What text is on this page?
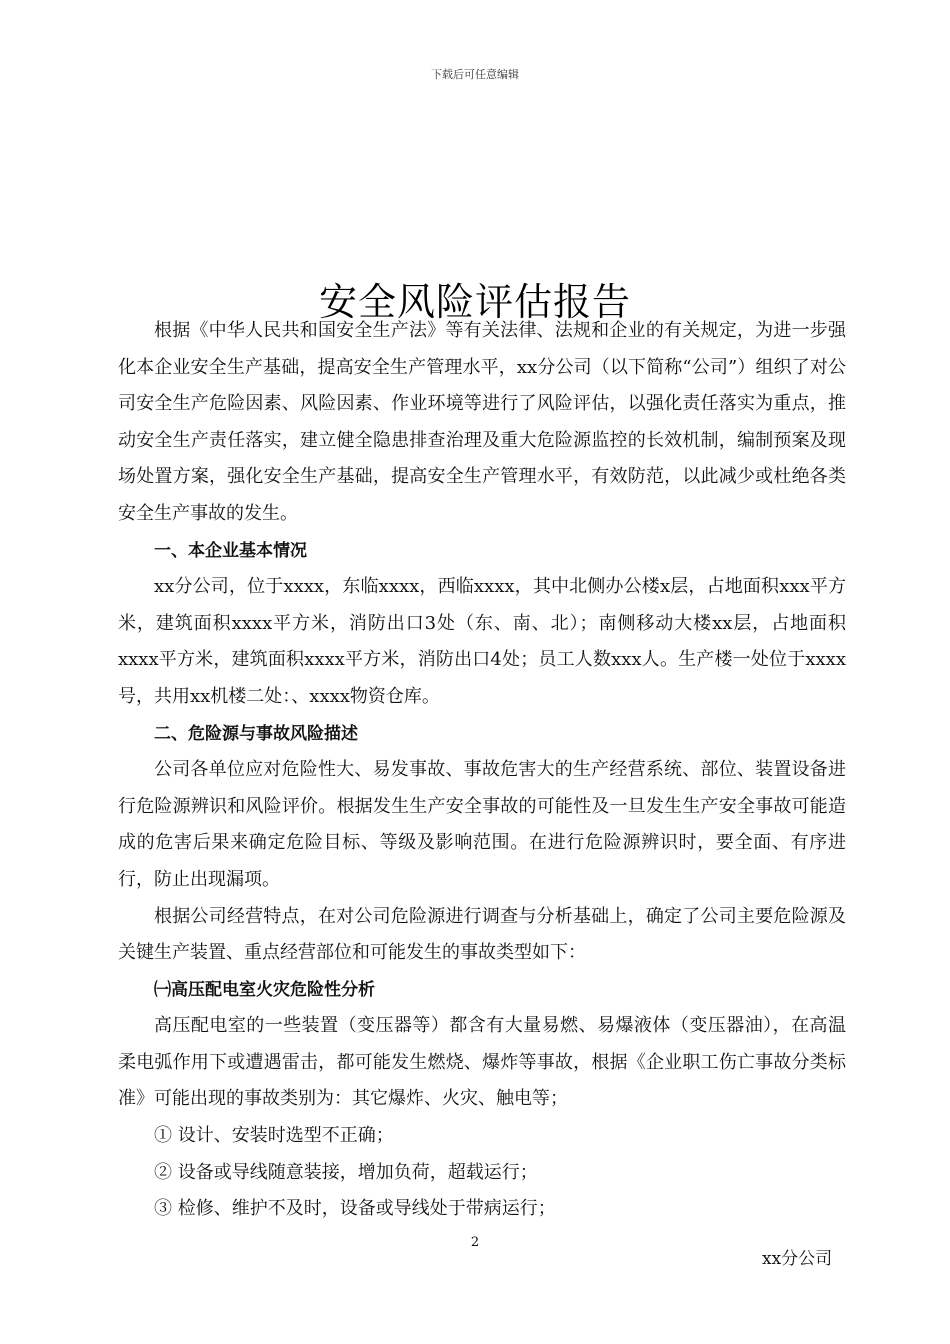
下载后可任意编辑
安全风险评估报告

根据《中华人民共和国安全生产法》等有关法律、法规和企业的有关规定，为进一步强化本企业安全生产基础，提高安全生产管理水平，xx分公司（以下简称“公司”）组织了对公司安全生产危险因素、风险因素、作业环境等进行了风险评估，以强化责任落实为重点，推动安全生产责任落实，建立健全隐患排查治理及重大危险源监控的长效机制，编制预案及现场处置方案，强化安全生产基础，提高安全生产管理水平，有效防范，以此减少或杜绝各类安全生产事故的发生。

一、本企业基本情况

xx分公司，位于xxxx，东临xxxx，西临xxxx，其中北侧办公楼x层，占地面积xxx平方米，建筑面积xxxx平方米，消防出口3处（东、南、北）；南侧移动大楼xx层，占地面积xxxx平方米，建筑面积xxxx平方米，消防出口4处；员工人数xxx人。生产楼一处位于xxxx号，共用xx机楼二处：、xxxx物资仓库。

二、危险源与事故风险描述

公司各单位应对危险性大、易发事故、事故危害大的生产经营系统、部位、装置设备进行危险源辨识和风险评价。根据发生生产安全事故的可能性及一旦发生生产安全事故可能造成的危害后果来确定危险目标、等级及影响范围。在进行危险源辨识时，要全面、有序进行，防止出现漏项。

根据公司经营特点，在对公司危险源进行调查与分析基础上，确定了公司主要危险源及关键生产装置、重点经营部位和可能发生的事故类型如下：

㈠高压配电室火灾危险性分析

高压配电室的一些装置（变压器等）都含有大量易燃、易爆液体（变压器油），在高温柔电弧作用下或遭遇雷击，都可能发生燃烧、爆炸等事故，根据《企业职工伤亡事故分类标准》可能出现的事故类别为：其它爆炸、火灾、触电等；

① 设计、安装时选型不正确；

② 设备或导线随意装接，增加负荷，超载运行；

③ 检修、维护不及时，设备或导线处于带病运行；

2
xx分公司
